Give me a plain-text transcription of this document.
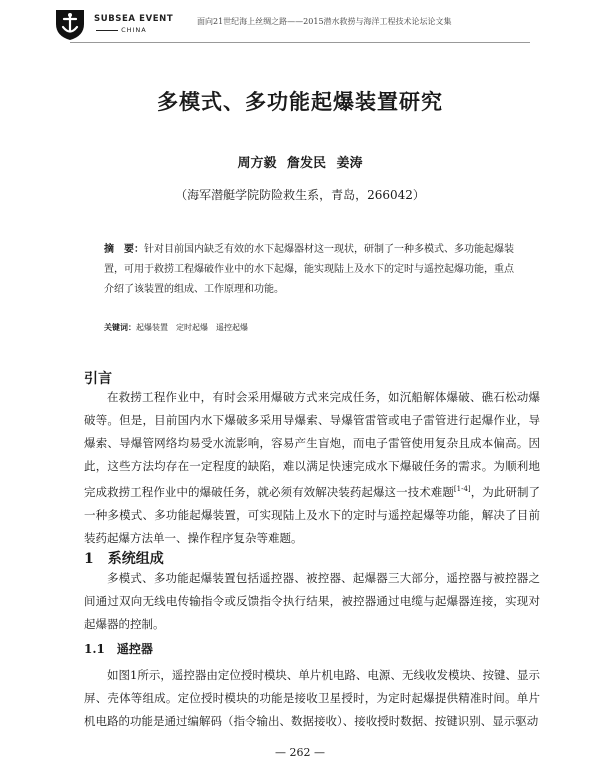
SUBSEA EVENT
CHINA
面向21世纪海上丝绸之路——2015潜水救捞与海洋工程技术论坛论文集
多模式、多功能起爆装置研究
周方毅 詹发民 姜涛
（海军潜艇学院防险救生系，青岛，266042）
摘　要：针对目前国内缺乏有效的水下起爆器材这一现状，研制了一种多模式、多功能起爆装置，可用于救捞工程爆破作业中的水下起爆，能实现陆上及水下的定时与遥控起爆功能，重点介绍了该装置的组成、工作原理和功能。
关键词：起爆装置　定时起爆　遥控起爆
引言
在救捞工程作业中，有时会采用爆破方式来完成任务，如沉船解体爆破、礁石松动爆破等。但是，目前国内水下爆破多采用导爆索、导爆管雷管或电子雷管进行起爆作业，导爆索、导爆管网络均易受水流影响，容易产生盲炮，而电子雷管使用复杂且成本偏高。因此，这些方法均存在一定程度的缺陷，难以满足快速完成水下爆破任务的需求。为顺利地完成救捞工程作业中的爆破任务，就必须有效解决装药起爆这一技术难题[1-4]，为此研制了一种多模式、多功能起爆装置，可实现陆上及水下的定时与遥控起爆等功能，解决了目前装药起爆方法单一、操作程序复杂等难题。
1　系统组成
多模式、多功能起爆装置包括遥控器、被控器、起爆器三大部分，遥控器与被控器之间通过双向无线电传输指令或反馈指令执行结果，被控器通过电缆与起爆器连接，实现对起爆器的控制。
1.1　遥控器
如图1所示，遥控器由定位授时模块、单片机电路、电源、无线收发模块、按键、显示屏、壳体等组成。定位授时模块的功能是接收卫星授时，为定时起爆提供精准时间。单片机电路的功能是通过编解码（指令输出、数据接收）、接收授时数据、按键识别、显示驱动
— 262 —
